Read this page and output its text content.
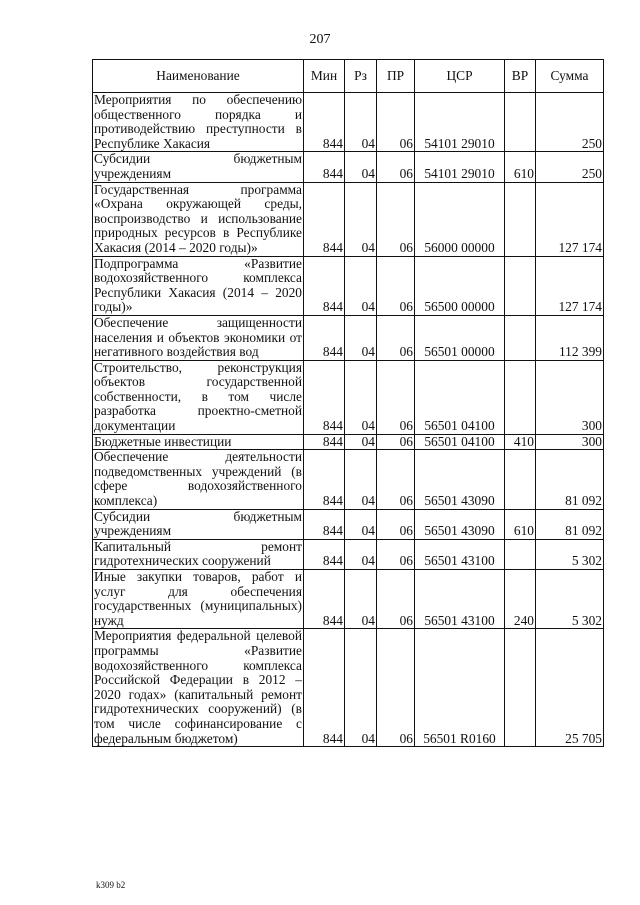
207
Наименование	Мин	Рз	ПР	ЦСР	ВР	Сумма
Мероприятия по обеспечению общественного порядка и противодействию преступности в Республике Хакасия	844	04	06	54101 29010		250
Субсидии бюджетным учреждениям	844	04	06	54101 29010	610	250
Государственная программа «Охрана окружающей среды, воспроизводство и использование природных ресурсов в Республике Хакасия (2014 – 2020 годы)»	844	04	06	56000 00000		127 174
Подпрограмма «Развитие водохозяйственного комплекса Республики Хакасия (2014 – 2020 годы)»	844	04	06	56500 00000		127 174
Обеспечение защищенности населения и объектов экономики от негативного воздействия вод	844	04	06	56501 00000		112 399
Строительство, реконструкция объектов государственной собственности, в том числе разработка проектно-сметной документации	844	04	06	56501 04100		300
Бюджетные инвестиции	844	04	06	56501 04100	410	300
Обеспечение деятельности подведомственных учреждений (в сфере водохозяйственного комплекса)	844	04	06	56501 43090		81 092
Субсидии бюджетным учреждениям	844	04	06	56501 43090	610	81 092
Капитальный ремонт гидротехнических сооружений	844	04	06	56501 43100		5 302
Иные закупки товаров, работ и услуг для обеспечения государственных (муниципальных) нужд	844	04	06	56501 43100	240	5 302
Мероприятия федеральной целевой программы «Развитие водохозяйственного комплекса Российской Федерации в 2012 – 2020 годах» (капитальный ремонт гидротехнических сооружений) (в том числе софинансирование с федеральным бюджетом)	844	04	06	56501 R0160		25 705
k309 b2
